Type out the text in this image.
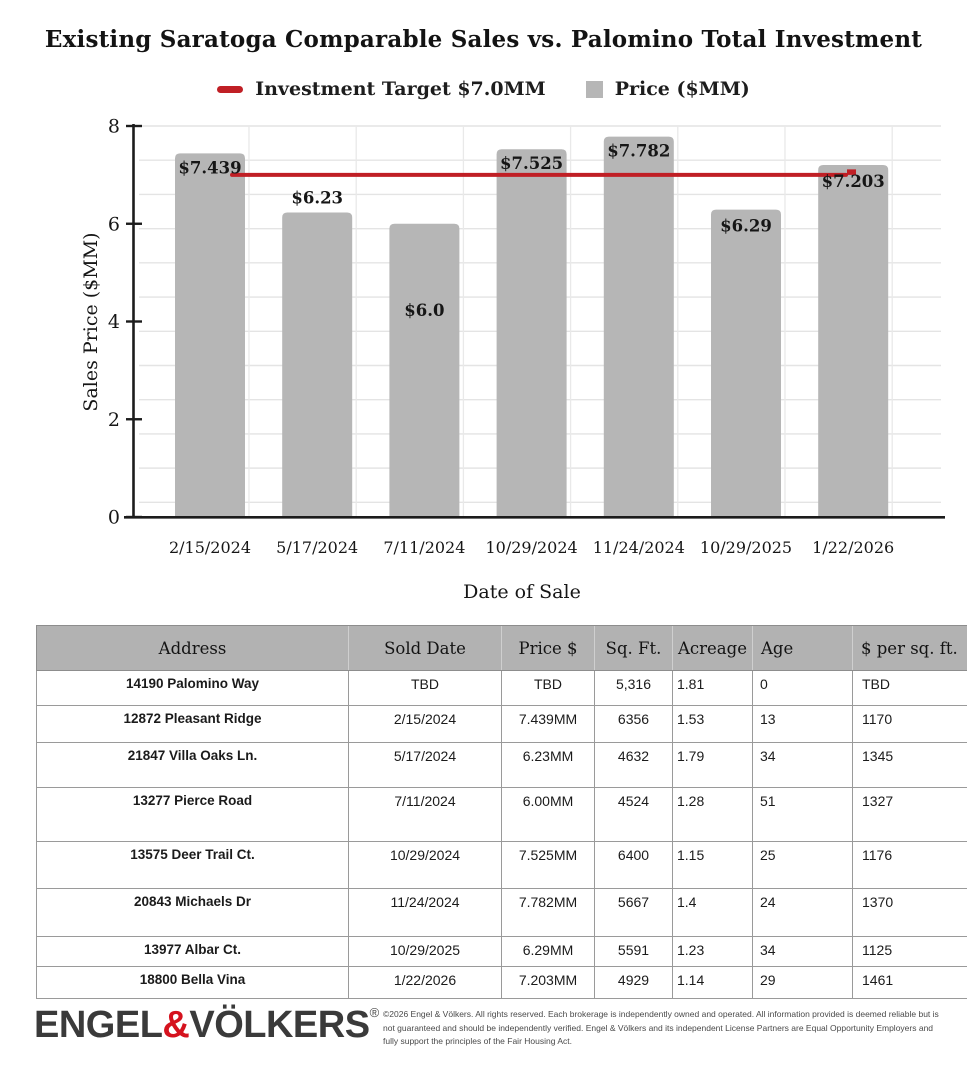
Existing Saratoga Comparable Sales vs. Palomino Total Investment
Investment Target $7.0MM	Price ($MM)
$7.439
$6.23
$6.0
$7.525
$7.782
$6.29
$7.203
0
2
4
6
8
2/15/2024 5/17/2024 7/11/2024 10/29/2024 11/24/2024 10/29/2025 1/22/2026
Date of Sale
Sales Price ($MM)
Address	Sold Date	Price $	Sq. Ft.	Acreage	Age	$ per sq. ft.
14190 Palomino Way	TBD	TBD	5,316	1.81	0	TBD
12872 Pleasant Ridge	2/15/2024	7.439MM	6356	1.53	13	1170
21847 Villa Oaks Ln.	5/17/2024	6.23MM	4632	1.79	34	1345
13277 Pierce Road	7/11/2024	6.00MM	4524	1.28	51	1327
13575 Deer Trail Ct.	10/29/2024	7.525MM	6400	1.15	25	1176
20843 Michaels Dr	11/24/2024	7.782MM	5667	1.4	24	1370
13977 Albar Ct.	10/29/2025	6.29MM	5591	1.23	34	1125
18800 Bella Vina	1/22/2026	7.203MM	4929	1.14	29	1461
ENGEL&VÖLKERS® ©2026 Engel & Völkers. All rights reserved. Each brokerage is independently owned and operated. All information provided is deemed reliable but is not guaranteed and should be independently verified. Engel & Völkers and its independent License Partners are Equal Opportunity Employers and fully support the principles of the Fair Housing Act.
